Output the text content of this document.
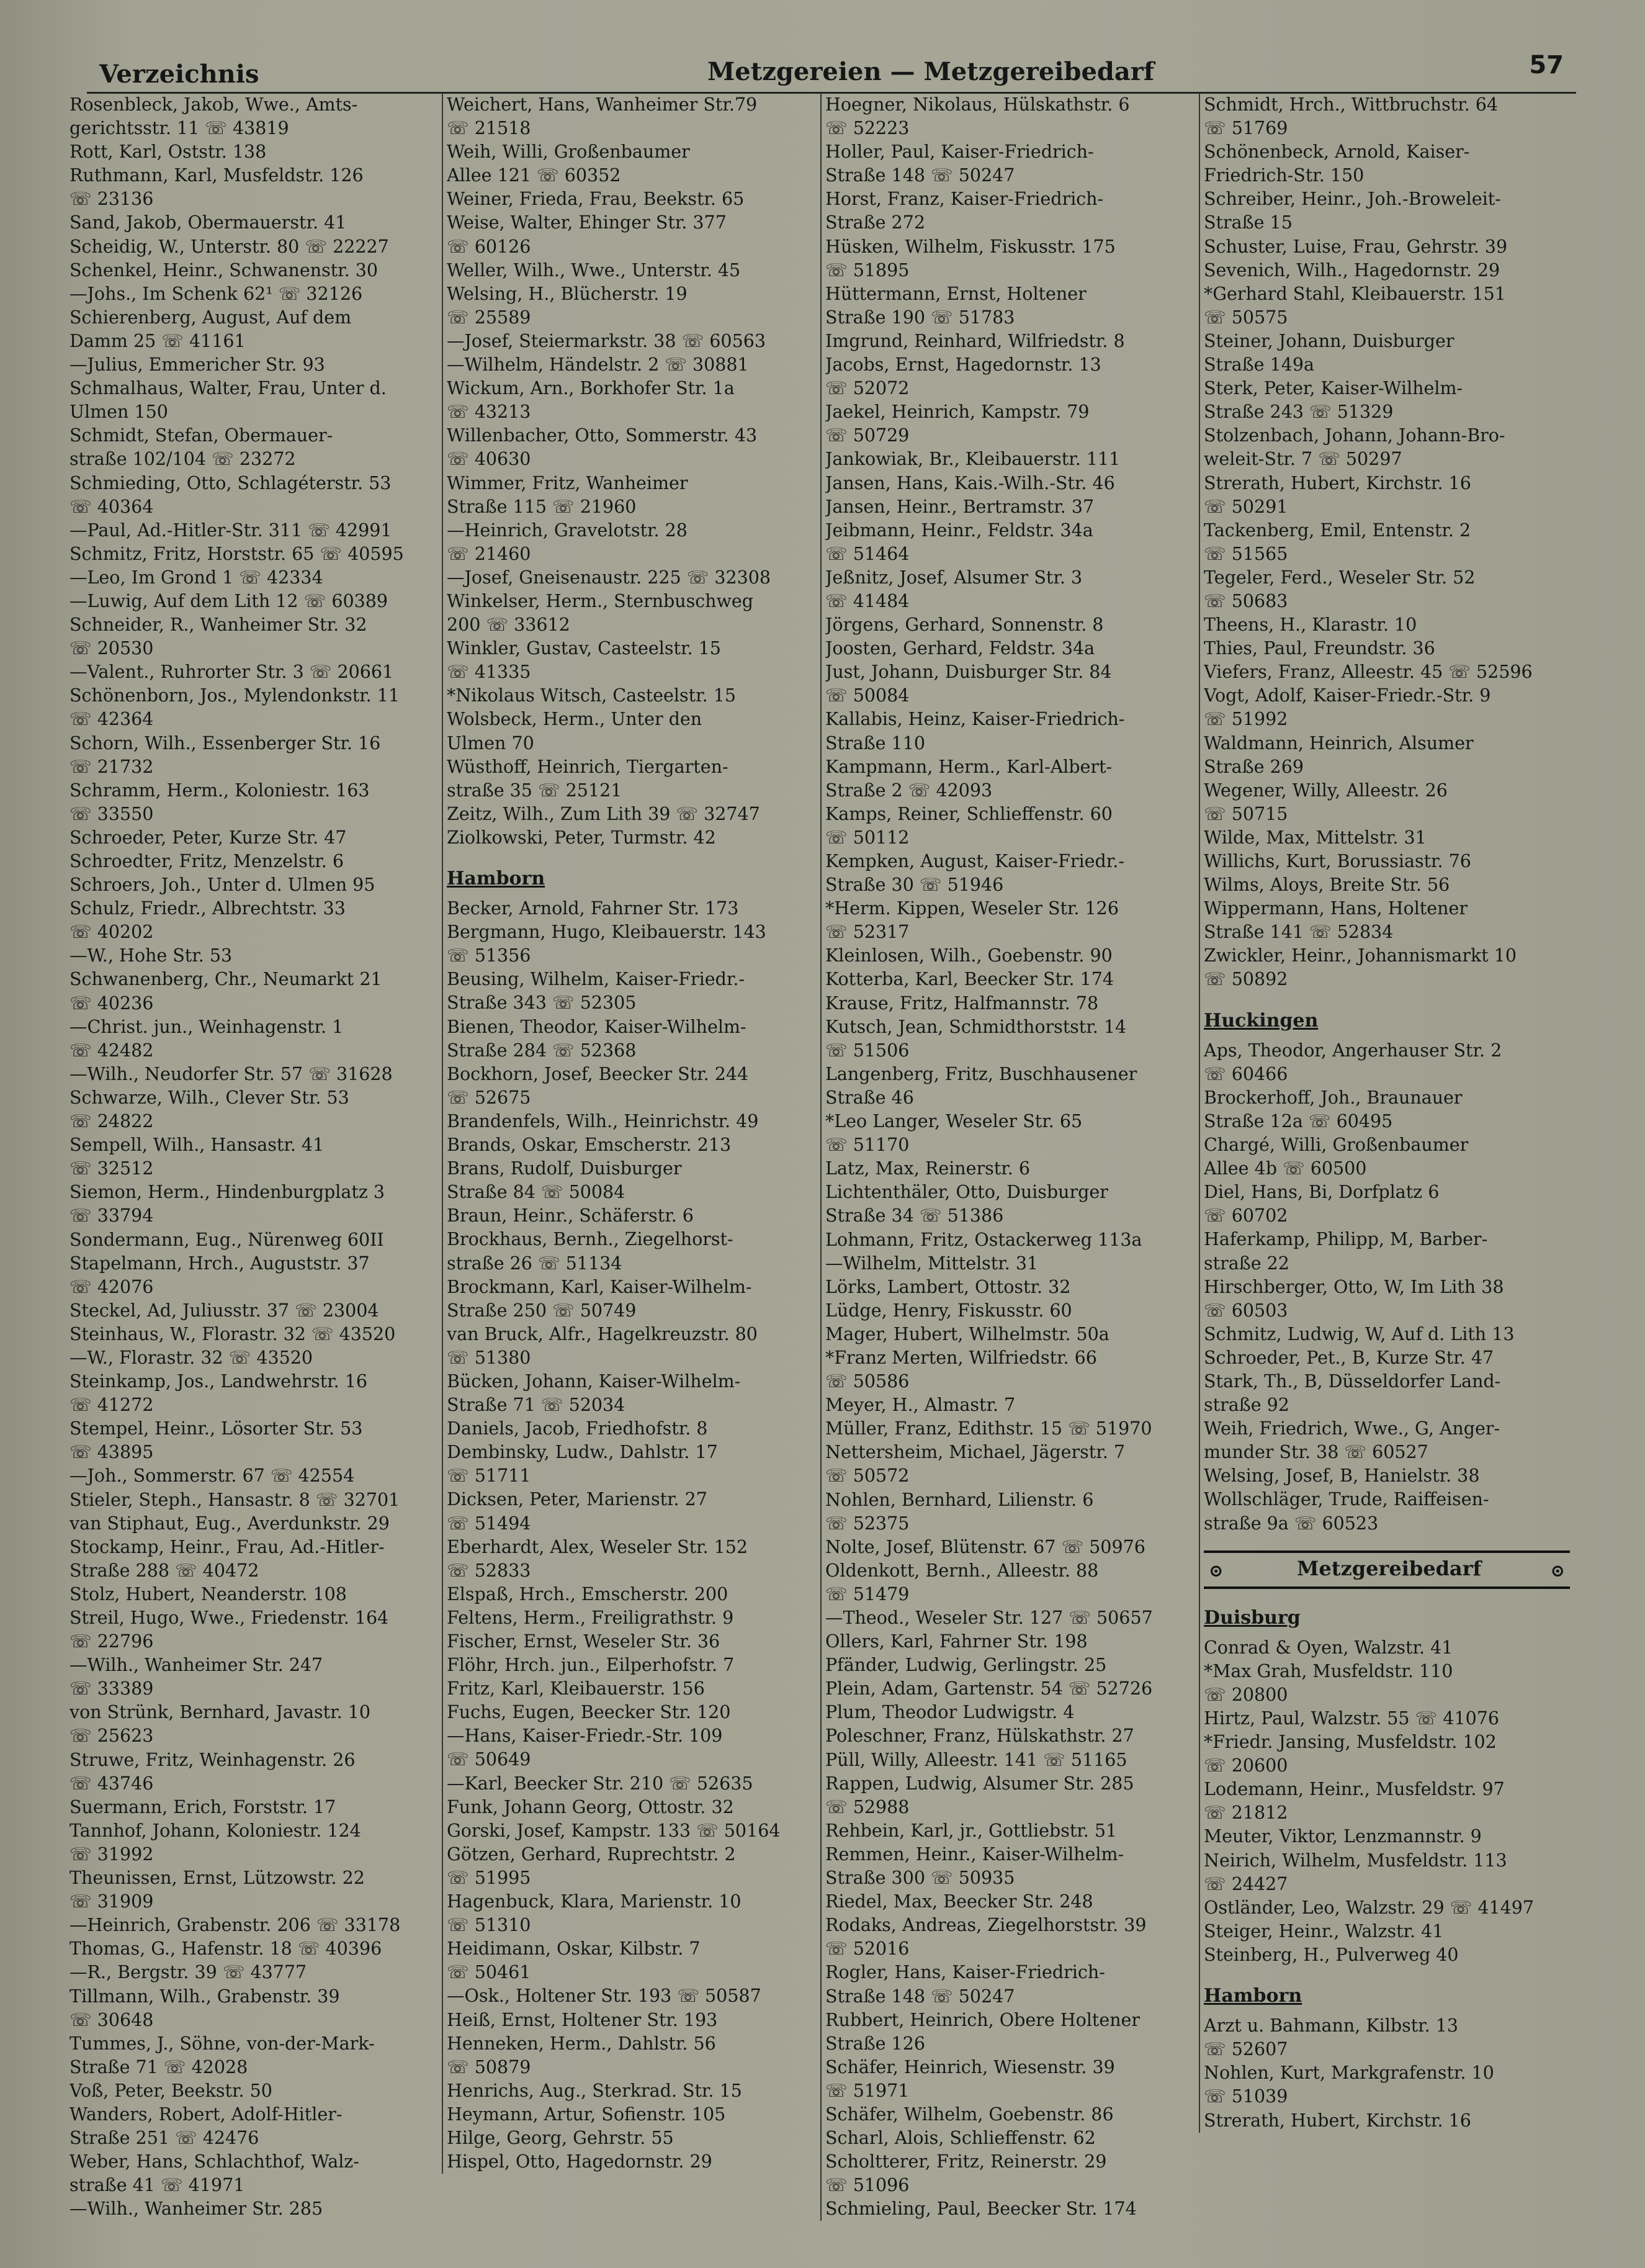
Verzeichnis	Metzgereien — Metzgereibedarf	57
Rosenbleck, Jakob, Wwe., Amts-
gerichtsstr. 11 ☏ 43819
Rott, Karl, Oststr. 138
Ruthmann, Karl, Musfeldstr. 126
☏ 23136
Sand, Jakob, Obermauerstr. 41
Scheidig, W., Unterstr. 80 ☏ 22227
Schenkel, Heinr., Schwanenstr. 30
—Johs., Im Schenk 62¹ ☏ 32126
Schierenberg, August, Auf dem
Damm 25 ☏ 41161
—Julius, Emmericher Str. 93
Schmalhaus, Walter, Frau, Unter d.
Ulmen 150
Schmidt, Stefan, Obermauer-
straße 102/104 ☏ 23272
Schmieding, Otto, Schlagéterstr. 53
☏ 40364
—Paul, Ad.-Hitler-Str. 311 ☏ 42991
Schmitz, Fritz, Horststr. 65 ☏ 40595
—Leo, Im Grond 1 ☏ 42334
—Luwig, Auf dem Lith 12 ☏ 60389
Schneider, R., Wanheimer Str. 32
☏ 20530
—Valent., Ruhrorter Str. 3 ☏ 20661
Schönenborn, Jos., Mylendonkstr. 11
☏ 42364
Schorn, Wilh., Essenberger Str. 16
☏ 21732
Schramm, Herm., Koloniestr. 163
☏ 33550
Schroeder, Peter, Kurze Str. 47
Schroedter, Fritz, Menzelstr. 6
Schroers, Joh., Unter d. Ulmen 95
Schulz, Friedr., Albrechtstr. 33
☏ 40202
—W., Hohe Str. 53
Schwanenberg, Chr., Neumarkt 21
☏ 40236
—Christ. jun., Weinhagenstr. 1
☏ 42482
—Wilh., Neudorfer Str. 57 ☏ 31628
Schwarze, Wilh., Clever Str. 53
☏ 24822
Sempell, Wilh., Hansastr. 41
☏ 32512
Siemon, Herm., Hindenburgplatz 3
☏ 33794
Sondermann, Eug., Nürenweg 60II
Stapelmann, Hrch., Auguststr. 37
☏ 42076
Steckel, Ad, Juliusstr. 37 ☏ 23004
Steinhaus, W., Florastr. 32 ☏ 43520
—W., Florastr. 32 ☏ 43520
Steinkamp, Jos., Landwehrstr. 16
☏ 41272
Stempel, Heinr., Lösorter Str. 53
☏ 43895
—Joh., Sommerstr. 67 ☏ 42554
Stieler, Steph., Hansastr. 8 ☏ 32701
van Stiphaut, Eug., Averdunkstr. 29
Stockamp, Heinr., Frau, Ad.-Hitler-
Straße 288 ☏ 40472
Stolz, Hubert, Neanderstr. 108
Streil, Hugo, Wwe., Friedenstr. 164
☏ 22796
—Wilh., Wanheimer Str. 247
☏ 33389
von Strünk, Bernhard, Javastr. 10
☏ 25623
Struwe, Fritz, Weinhagenstr. 26
☏ 43746
Suermann, Erich, Forststr. 17
Tannhof, Johann, Koloniestr. 124
☏ 31992
Theunissen, Ernst, Lützowstr. 22
☏ 31909
—Heinrich, Grabenstr. 206 ☏ 33178
Thomas, G., Hafenstr. 18 ☏ 40396
—R., Bergstr. 39 ☏ 43777
Tillmann, Wilh., Grabenstr. 39
☏ 30648
Tummes, J., Söhne, von-der-Mark-
Straße 71 ☏ 42028
Voß, Peter, Beekstr. 50
Wanders, Robert, Adolf-Hitler-
Straße 251 ☏ 42476
Weber, Hans, Schlachthof, Walz-
straße 41 ☏ 41971
—Wilh., Wanheimer Str. 285
Weichert, Hans, Wanheimer Str.79
☏ 21518
Weih, Willi, Großenbaumer
Allee 121 ☏ 60352
Weiner, Frieda, Frau, Beekstr. 65
Weise, Walter, Ehinger Str. 377
☏ 60126
Weller, Wilh., Wwe., Unterstr. 45
Welsing, H., Blücherstr. 19
☏ 25589
—Josef, Steiermarkstr. 38 ☏ 60563
—Wilhelm, Händelstr. 2 ☏ 30881
Wickum, Arn., Borkhofer Str. 1a
☏ 43213
Willenbacher, Otto, Sommerstr. 43
☏ 40630
Wimmer, Fritz, Wanheimer
Straße 115 ☏ 21960
—Heinrich, Gravelotstr. 28
☏ 21460
—Josef, Gneisenaustr. 225 ☏ 32308
Winkelser, Herm., Sternbuschweg
200 ☏ 33612
Winkler, Gustav, Casteelstr. 15
☏ 41335
*Nikolaus Witsch, Casteelstr. 15
Wolsbeck, Herm., Unter den
Ulmen 70
Wüsthoff, Heinrich, Tiergarten-
straße 35 ☏ 25121
Zeitz, Wilh., Zum Lith 39 ☏ 32747
Ziolkowski, Peter, Turmstr. 42
Hamborn
Becker, Arnold, Fahrner Str. 173
Bergmann, Hugo, Kleibauerstr. 143
☏ 51356
Beusing, Wilhelm, Kaiser-Friedr.-
Straße 343 ☏ 52305
Bienen, Theodor, Kaiser-Wilhelm-
Straße 284 ☏ 52368
Bockhorn, Josef, Beecker Str. 244
☏ 52675
Brandenfels, Wilh., Heinrichstr. 49
Brands, Oskar, Emscherstr. 213
Brans, Rudolf, Duisburger
Straße 84 ☏ 50084
Braun, Heinr., Schäferstr. 6
Brockhaus, Bernh., Ziegelhorst-
straße 26 ☏ 51134
Brockmann, Karl, Kaiser-Wilhelm-
Straße 250 ☏ 50749
van Bruck, Alfr., Hagelkreuzstr. 80
☏ 51380
Bücken, Johann, Kaiser-Wilhelm-
Straße 71 ☏ 52034
Daniels, Jacob, Friedhofstr. 8
Dembinsky, Ludw., Dahlstr. 17
☏ 51711
Dicksen, Peter, Marienstr. 27
☏ 51494
Eberhardt, Alex, Weseler Str. 152
☏ 52833
Elspaß, Hrch., Emscherstr. 200
Feltens, Herm., Freiligrathstr. 9
Fischer, Ernst, Weseler Str. 36
Flöhr, Hrch. jun., Eilperhofstr. 7
Fritz, Karl, Kleibauerstr. 156
Fuchs, Eugen, Beecker Str. 120
—Hans, Kaiser-Friedr.-Str. 109
☏ 50649
—Karl, Beecker Str. 210 ☏ 52635
Funk, Johann Georg, Ottostr. 32
Gorski, Josef, Kampstr. 133 ☏ 50164
Götzen, Gerhard, Ruprechtstr. 2
☏ 51995
Hagenbuck, Klara, Marienstr. 10
☏ 51310
Heidimann, Oskar, Kilbstr. 7
☏ 50461
—Osk., Holtener Str. 193 ☏ 50587
Heiß, Ernst, Holtener Str. 193
Henneken, Herm., Dahlstr. 56
☏ 50879
Henrichs, Aug., Sterkrad. Str. 15
Heymann, Artur, Sofienstr. 105
Hilge, Georg, Gehrstr. 55
Hispel, Otto, Hagedornstr. 29
Hoegner, Nikolaus, Hülskathstr. 6
☏ 52223
Holler, Paul, Kaiser-Friedrich-
Straße 148 ☏ 50247
Horst, Franz, Kaiser-Friedrich-
Straße 272
Hüsken, Wilhelm, Fiskusstr. 175
☏ 51895
Hüttermann, Ernst, Holtener
Straße 190 ☏ 51783
Imgrund, Reinhard, Wilfriedstr. 8
Jacobs, Ernst, Hagedornstr. 13
☏ 52072
Jaekel, Heinrich, Kampstr. 79
☏ 50729
Jankowiak, Br., Kleibauerstr. 111
Jansen, Hans, Kais.-Wilh.-Str. 46
Jansen, Heinr., Bertramstr. 37
Jeibmann, Heinr., Feldstr. 34a
☏ 51464
Jeßnitz, Josef, Alsumer Str. 3
☏ 41484
Jörgens, Gerhard, Sonnenstr. 8
Joosten, Gerhard, Feldstr. 34a
Just, Johann, Duisburger Str. 84
☏ 50084
Kallabis, Heinz, Kaiser-Friedrich-
Straße 110
Kampmann, Herm., Karl-Albert-
Straße 2 ☏ 42093
Kamps, Reiner, Schlieffenstr. 60
☏ 50112
Kempken, August, Kaiser-Friedr.-
Straße 30 ☏ 51946
*Herm. Kippen, Weseler Str. 126
☏ 52317
Kleinlosen, Wilh., Goebenstr. 90
Kotterba, Karl, Beecker Str. 174
Krause, Fritz, Halfmannstr. 78
Kutsch, Jean, Schmidthorststr. 14
☏ 51506
Langenberg, Fritz, Buschhausener
Straße 46
*Leo Langer, Weseler Str. 65
☏ 51170
Latz, Max, Reinerstr. 6
Lichtenthäler, Otto, Duisburger
Straße 34 ☏ 51386
Lohmann, Fritz, Ostackerweg 113a
—Wilhelm, Mittelstr. 31
Lörks, Lambert, Ottostr. 32
Lüdge, Henry, Fiskusstr. 60
Mager, Hubert, Wilhelmstr. 50a
*Franz Merten, Wilfriedstr. 66
☏ 50586
Meyer, H., Almastr. 7
Müller, Franz, Edithstr. 15 ☏ 51970
Nettersheim, Michael, Jägerstr. 7
☏ 50572
Nohlen, Bernhard, Lilienstr. 6
☏ 52375
Nolte, Josef, Blütenstr. 67 ☏ 50976
Oldenkott, Bernh., Alleestr. 88
☏ 51479
—Theod., Weseler Str. 127 ☏ 50657
Ollers, Karl, Fahrner Str. 198
Pfänder, Ludwig, Gerlingstr. 25
Plein, Adam, Gartenstr. 54 ☏ 52726
Plum, Theodor Ludwigstr. 4
Poleschner, Franz, Hülskathstr. 27
Püll, Willy, Alleestr. 141 ☏ 51165
Rappen, Ludwig, Alsumer Str. 285
☏ 52988
Rehbein, Karl, jr., Gottliebstr. 51
Remmen, Heinr., Kaiser-Wilhelm-
Straße 300 ☏ 50935
Riedel, Max, Beecker Str. 248
Rodaks, Andreas, Ziegelhorststr. 39
☏ 52016
Rogler, Hans, Kaiser-Friedrich-
Straße 148 ☏ 50247
Rubbert, Heinrich, Obere Holtener
Straße 126
Schäfer, Heinrich, Wiesenstr. 39
☏ 51971
Schäfer, Wilhelm, Goebenstr. 86
Scharl, Alois, Schlieffenstr. 62
Scholtterer, Fritz, Reinerstr. 29
☏ 51096
Schmieling, Paul, Beecker Str. 174
Schmidt, Hrch., Wittbruchstr. 64
☏ 51769
Schönenbeck, Arnold, Kaiser-
Friedrich-Str. 150
Schreiber, Heinr., Joh.-Broweleit-
Straße 15
Schuster, Luise, Frau, Gehrstr. 39
Sevenich, Wilh., Hagedornstr. 29
*Gerhard Stahl, Kleibauerstr. 151
☏ 50575
Steiner, Johann, Duisburger
Straße 149a
Sterk, Peter, Kaiser-Wilhelm-
Straße 243 ☏ 51329
Stolzenbach, Johann, Johann-Bro-
weleit-Str. 7 ☏ 50297
Strerath, Hubert, Kirchstr. 16
☏ 50291
Tackenberg, Emil, Entenstr. 2
☏ 51565
Tegeler, Ferd., Weseler Str. 52
☏ 50683
Theens, H., Klarastr. 10
Thies, Paul, Freundstr. 36
Viefers, Franz, Alleestr. 45 ☏ 52596
Vogt, Adolf, Kaiser-Friedr.-Str. 9
☏ 51992
Waldmann, Heinrich, Alsumer
Straße 269
Wegener, Willy, Alleestr. 26
☏ 50715
Wilde, Max, Mittelstr. 31
Willichs, Kurt, Borussiastr. 76
Wilms, Aloys, Breite Str. 56
Wippermann, Hans, Holtener
Straße 141 ☏ 52834
Zwickler, Heinr., Johannismarkt 10
☏ 50892
Huckingen
Aps, Theodor, Angerhauser Str. 2
☏ 60466
Brockerhoff, Joh., Braunauer
Straße 12a ☏ 60495
Chargé, Willi, Großenbaumer
Allee 4b ☏ 60500
Diel, Hans, Bi, Dorfplatz 6
☏ 60702
Haferkamp, Philipp, M, Barber-
straße 22
Hirschberger, Otto, W, Im Lith 38
☏ 60503
Schmitz, Ludwig, W, Auf d. Lith 13
Schroeder, Pet., B, Kurze Str. 47
Stark, Th., B, Düsseldorfer Land-
straße 92
Weih, Friedrich, Wwe., G, Anger-
munder Str. 38 ☏ 60527
Welsing, Josef, B, Hanielstr. 38
Wollschläger, Trude, Raiffeisen-
straße 9a ☏ 60523
⊙	Metzgereibedarf	⊙
Duisburg
Conrad & Oyen, Walzstr. 41
*Max Grah, Musfeldstr. 110
☏ 20800
Hirtz, Paul, Walzstr. 55 ☏ 41076
*Friedr. Jansing, Musfeldstr. 102
☏ 20600
Lodemann, Heinr., Musfeldstr. 97
☏ 21812
Meuter, Viktor, Lenzmannstr. 9
Neirich, Wilhelm, Musfeldstr. 113
☏ 24427
Ostländer, Leo, Walzstr. 29 ☏ 41497
Steiger, Heinr., Walzstr. 41
Steinberg, H., Pulverweg 40
Hamborn
Arzt u. Bahmann, Kilbstr. 13
☏ 52607
Nohlen, Kurt, Markgrafenstr. 10
☏ 51039
Strerath, Hubert, Kirchstr. 16
